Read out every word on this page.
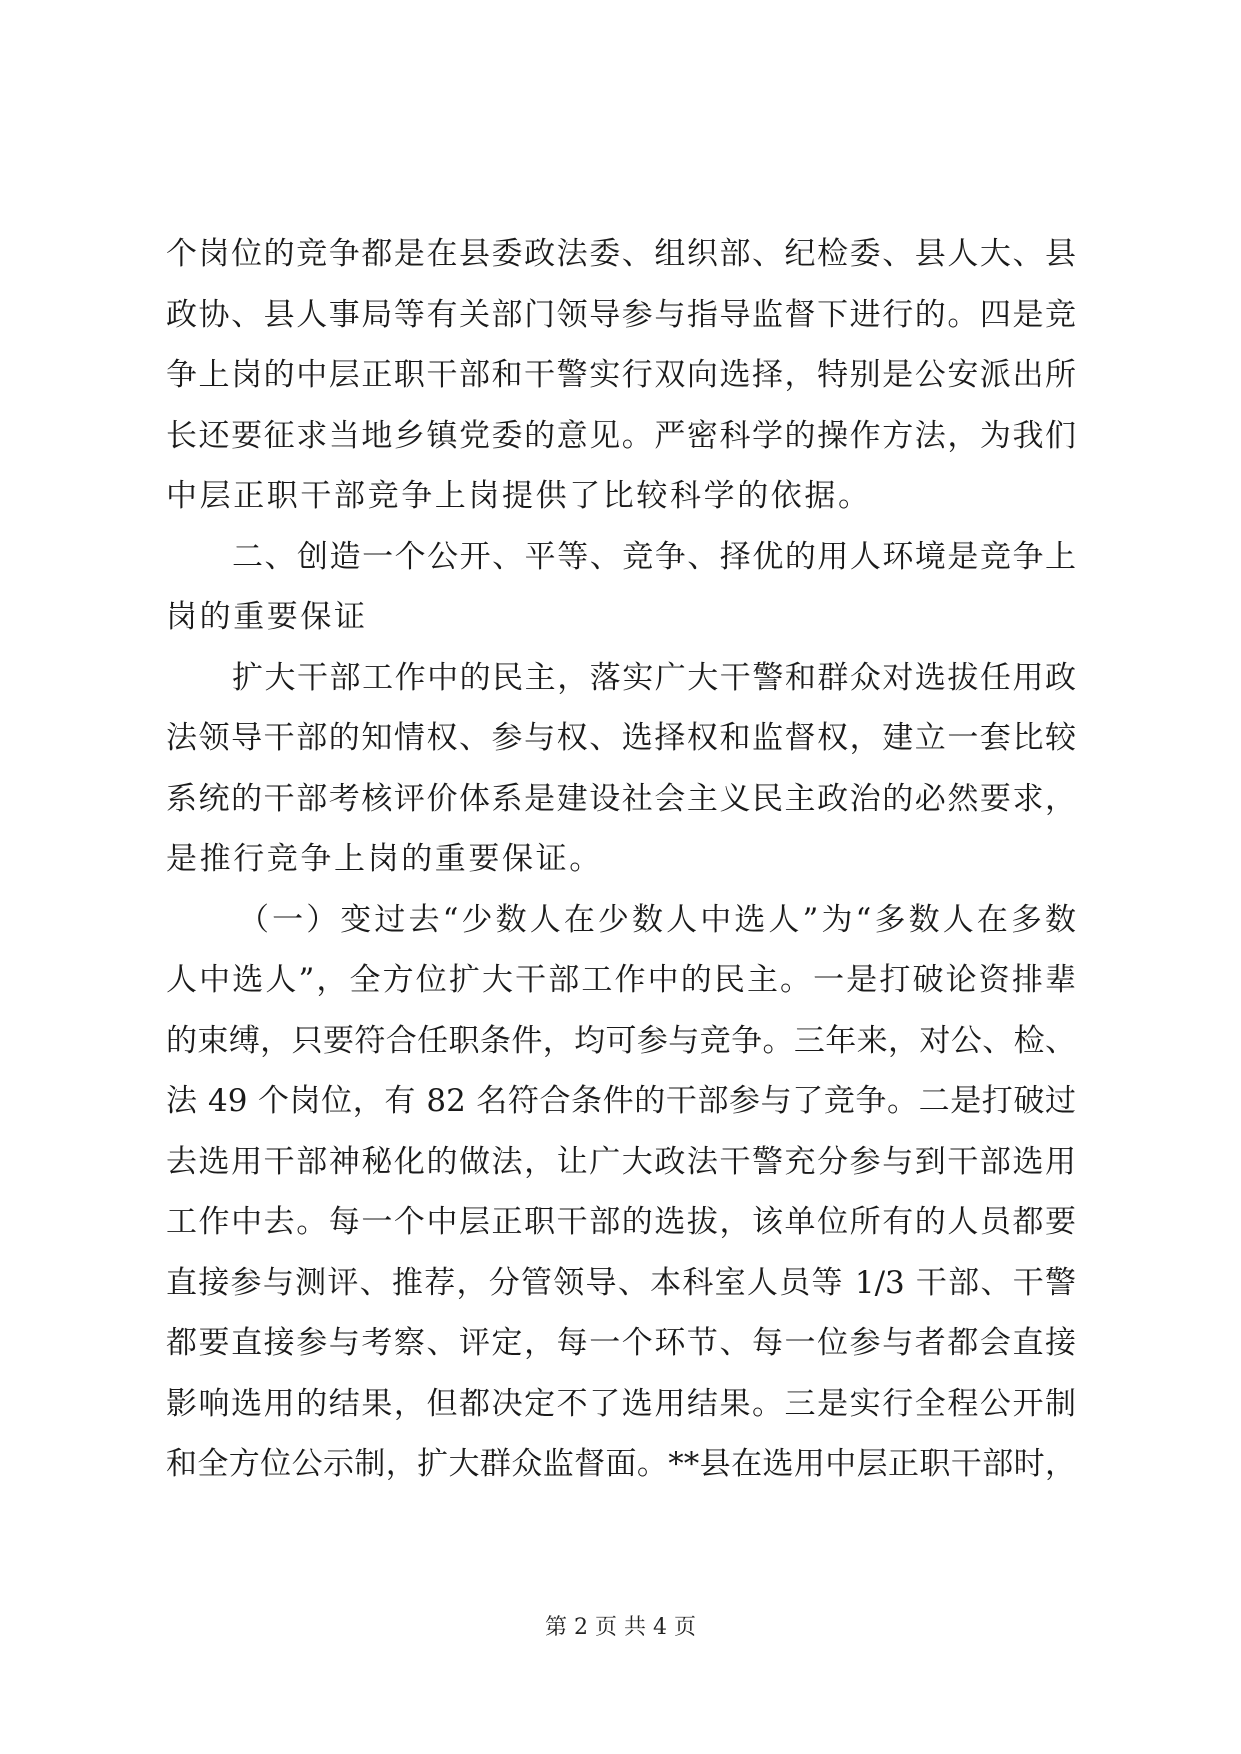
个岗位的竞争都是在县委政法委、组织部、纪检委、县人大、县
政协、县人事局等有关部门领导参与指导监督下进行的。四是竞
争上岗的中层正职干部和干警实行双向选择，特别是公安派出所
长还要征求当地乡镇党委的意见。严密科学的操作方法，为我们
中层正职干部竞争上岗提供了比较科学的依据。
二、创造一个公开、平等、竞争、择优的用人环境是竞争上
岗的重要保证
扩大干部工作中的民主，落实广大干警和群众对选拔任用政
法领导干部的知情权、参与权、选择权和监督权，建立一套比较
系统的干部考核评价体系是建设社会主义民主政治的必然要求，
是推行竞争上岗的重要保证。
（一）变过去“少数人在少数人中选人”为“多数人在多数
人中选人”，全方位扩大干部工作中的民主。一是打破论资排辈
的束缚，只要符合任职条件，均可参与竞争。三年来，对公、检、
法 49 个岗位，有 82 名符合条件的干部参与了竞争。二是打破过
去选用干部神秘化的做法，让广大政法干警充分参与到干部选用
工作中去。每一个中层正职干部的选拔，该单位所有的人员都要
直接参与测评、推荐，分管领导、本科室人员等 1/3 干部、干警
都要直接参与考察、评定，每一个环节、每一位参与者都会直接
影响选用的结果，但都决定不了选用结果。三是实行全程公开制
和全方位公示制，扩大群众监督面。**县在选用中层正职干部时，
第 2 页 共 4 页
